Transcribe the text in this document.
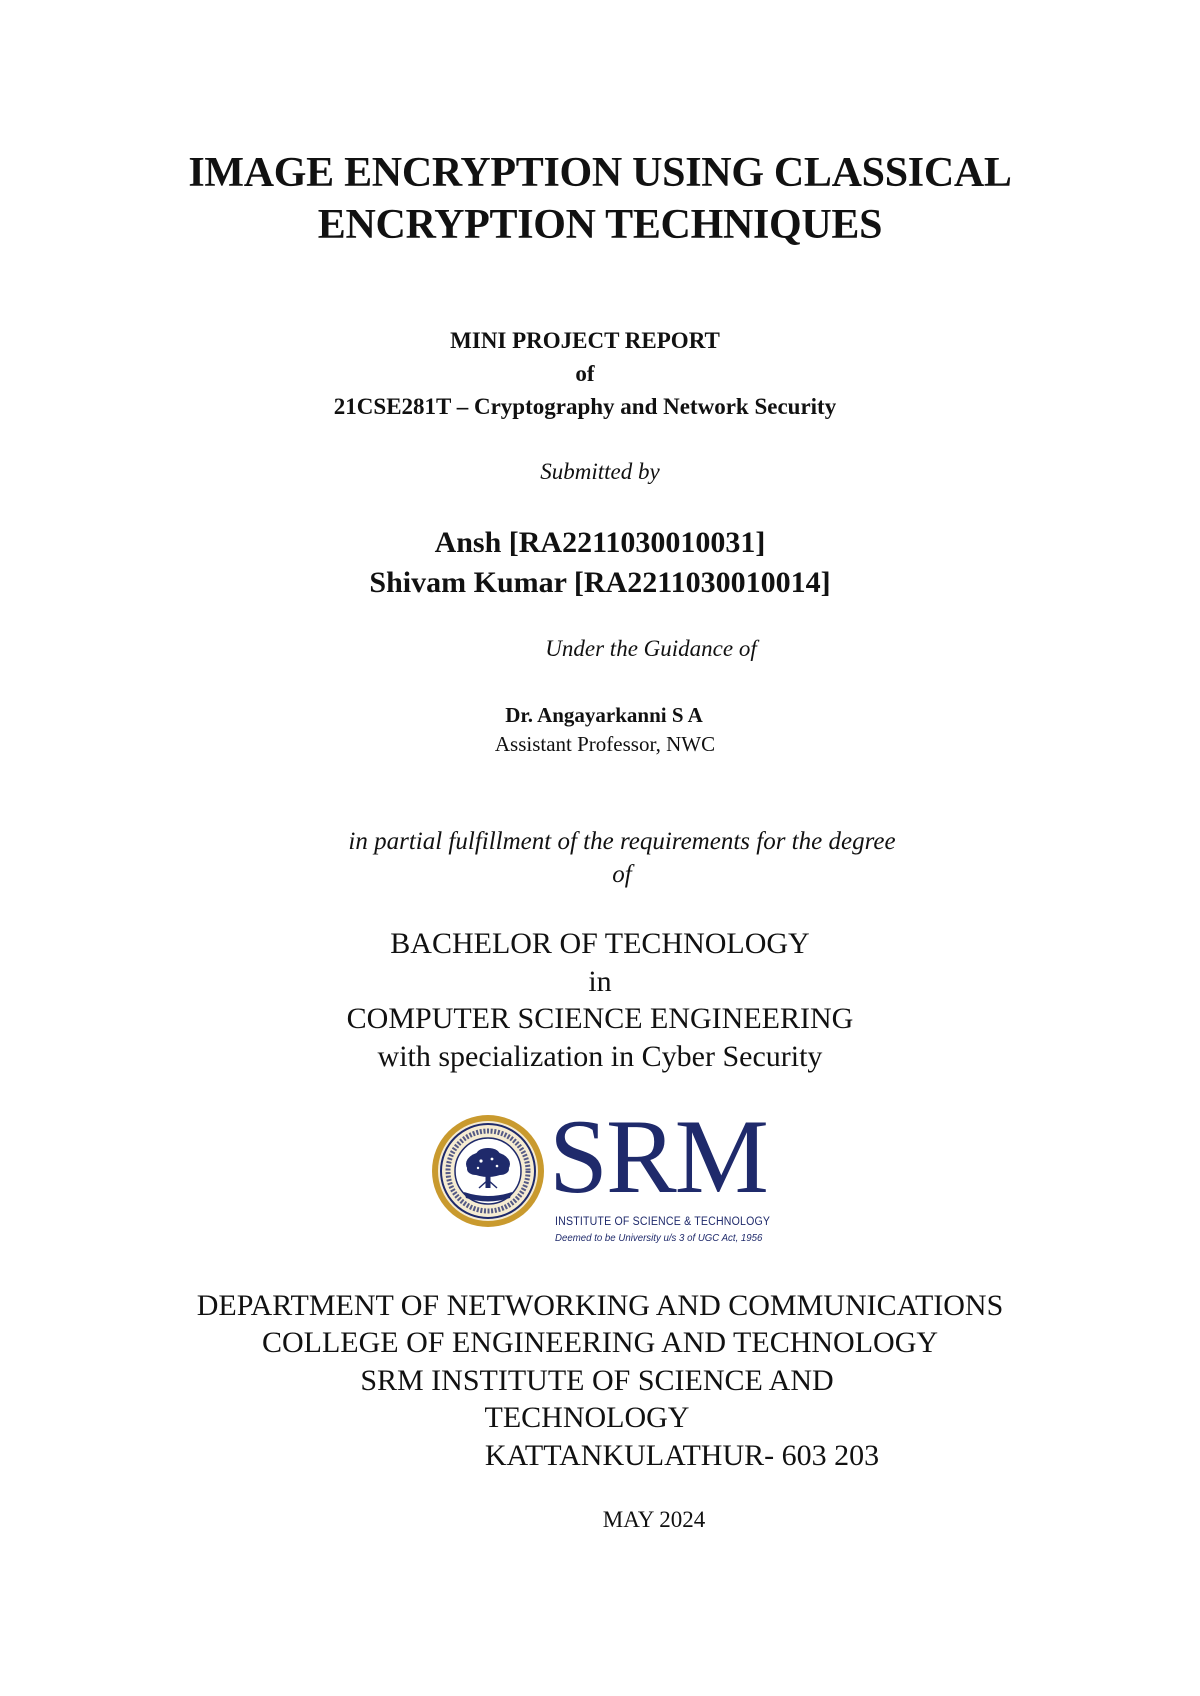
IMAGE ENCRYPTION USING CLASSICAL
ENCRYPTION TECHNIQUES
MINI PROJECT REPORT
of
21CSE281T – Cryptography and Network Security
Submitted by
Ansh [RA2211030010031]
Shivam Kumar [RA2211030010014]
Under the Guidance of
Dr. Angayarkanni S A
Assistant Professor, NWC
in partial fulfillment of the requirements for the degree
of
BACHELOR OF TECHNOLOGY
in
COMPUTER SCIENCE ENGINEERING
with specialization in Cyber Security
SRM
INSTITUTE OF SCIENCE & TECHNOLOGY
Deemed to be University u/s 3 of UGC Act, 1956
DEPARTMENT OF NETWORKING AND COMMUNICATIONS
COLLEGE OF ENGINEERING AND TECHNOLOGY
SRM INSTITUTE OF SCIENCE AND
TECHNOLOGY
KATTANKULATHUR- 603 203
MAY 2024
